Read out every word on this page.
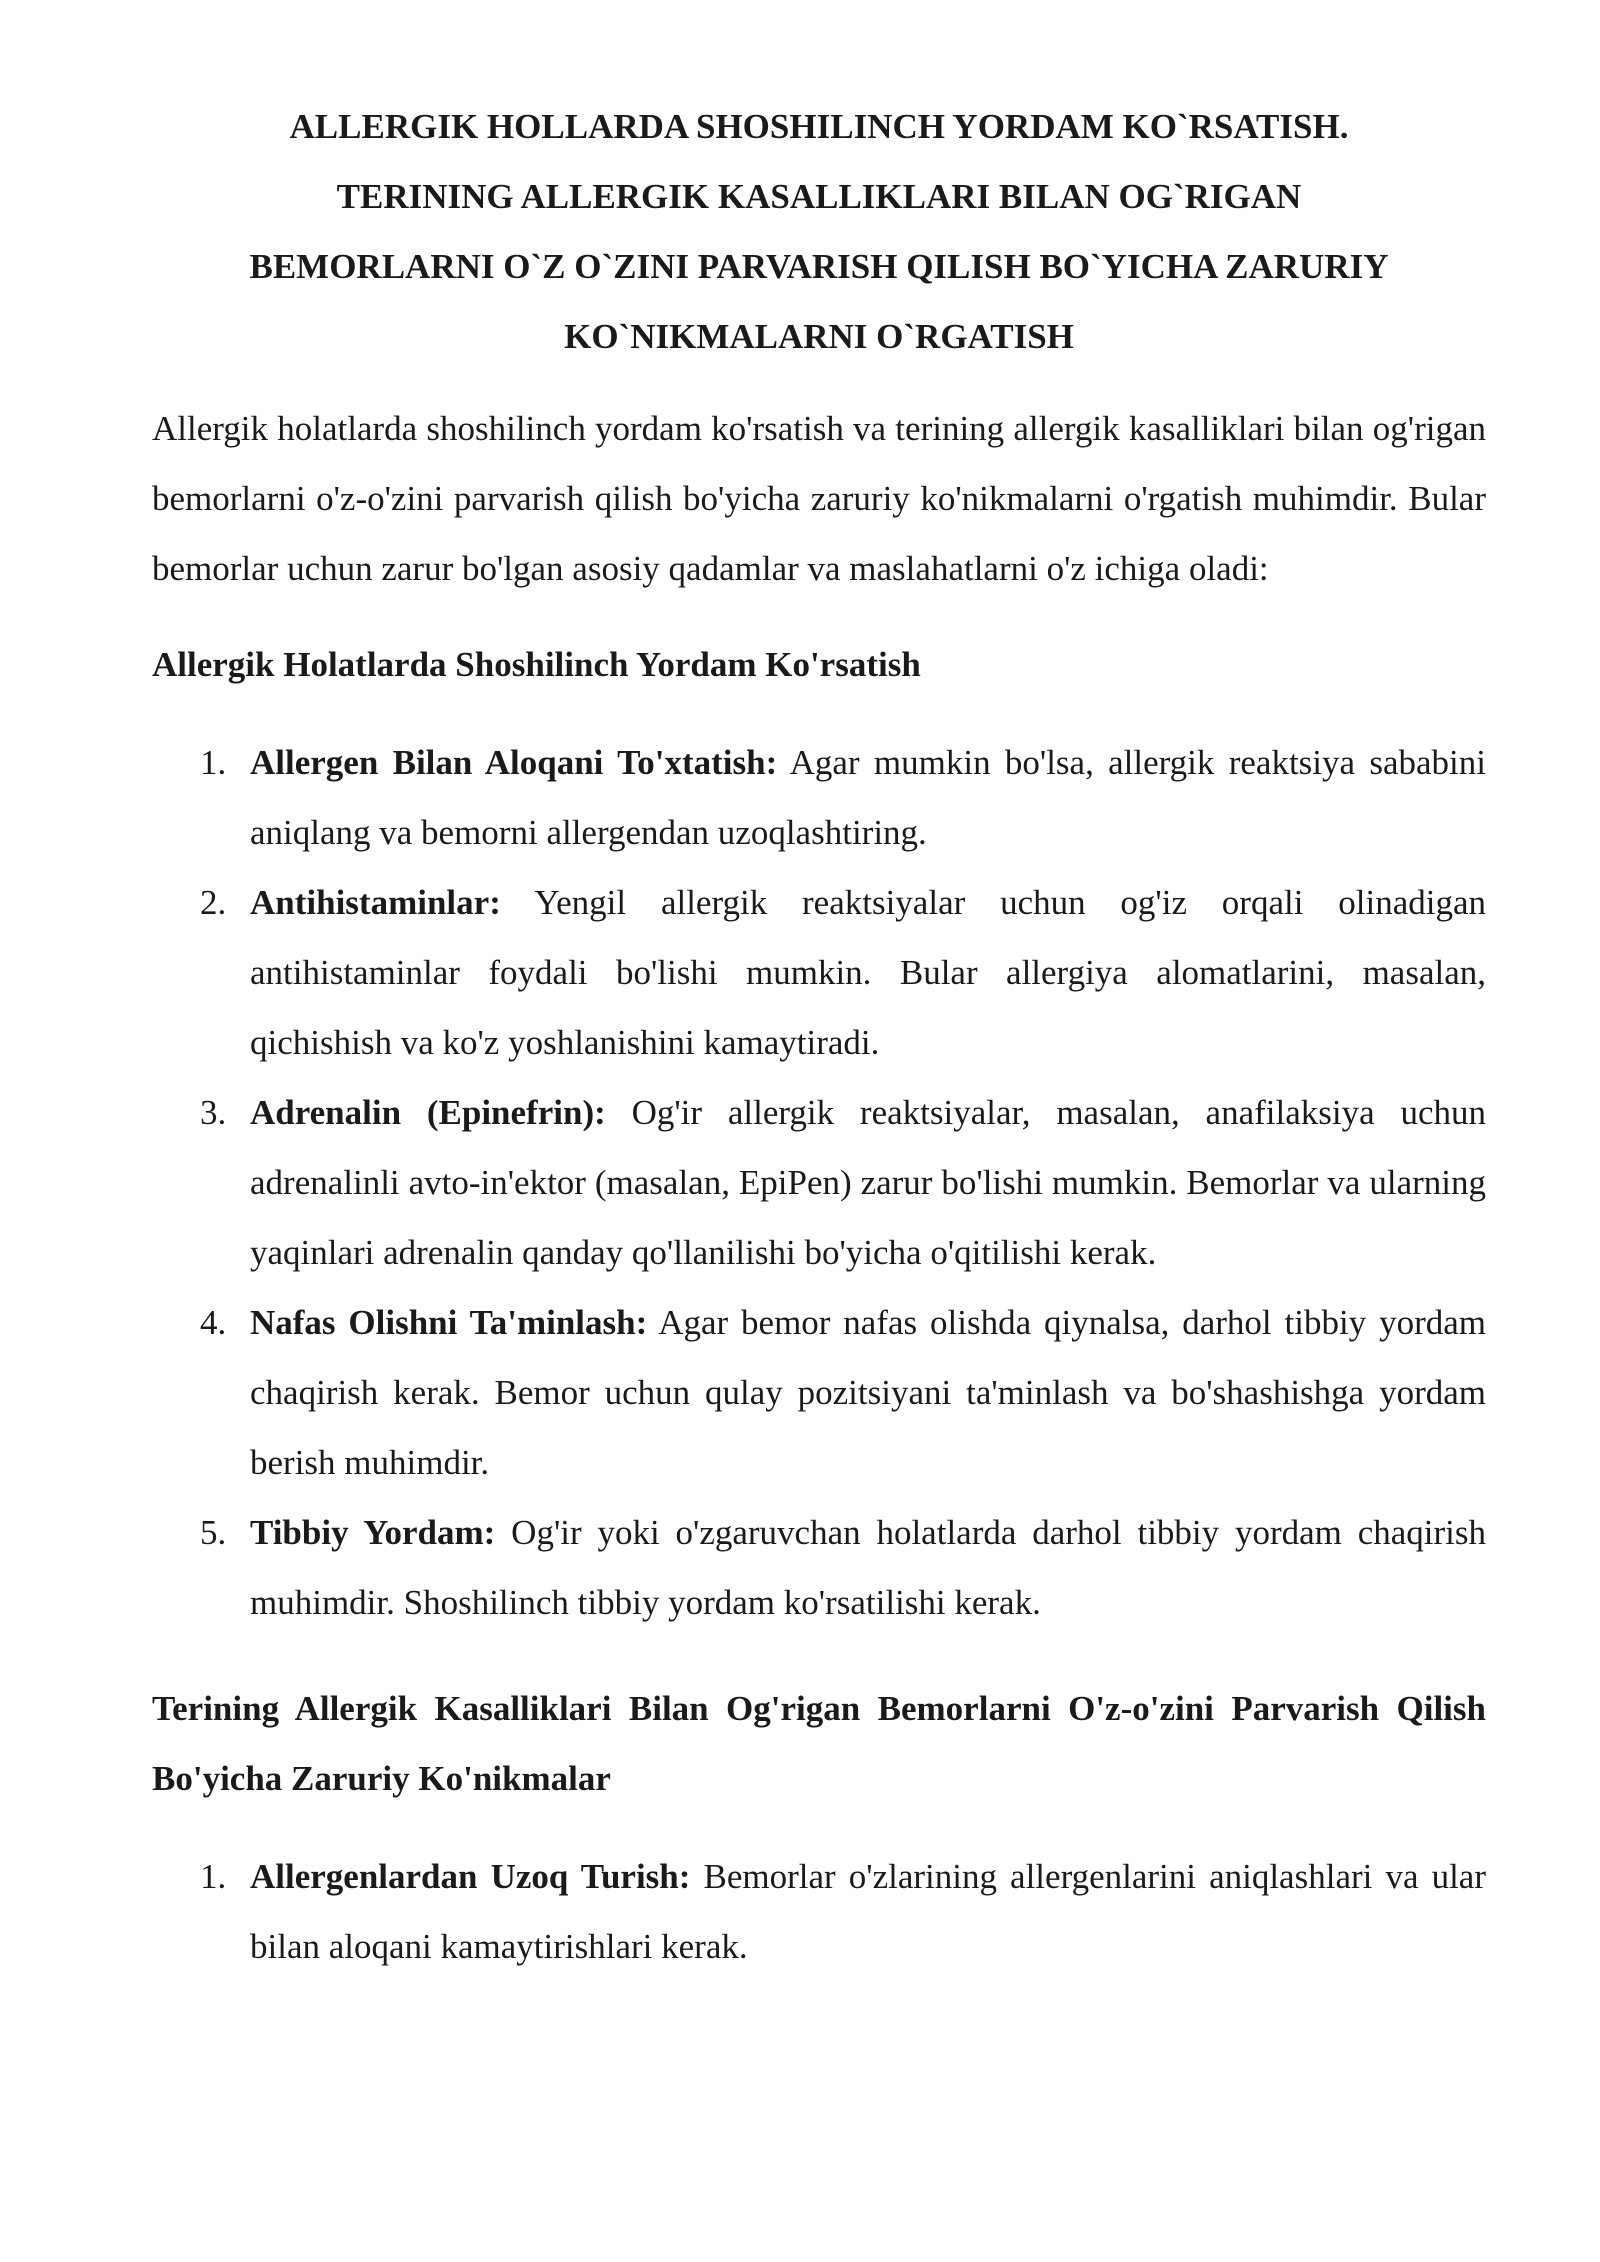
ALLERGIK HOLLARDA SHOSHILINCH YORDAM KO`RSATISH.
TERINING ALLERGIK KASALLIKLARI BILAN OG`RIGAN
BEMORLARNI O`Z O`ZINI PARVARISH QILISH BO`YICHA ZARURIY
KO`NIKMALARNI O`RGATISH

Allergik holatlarda shoshilinch yordam ko'rsatish va terining allergik kasalliklari bilan og'rigan bemorlarni o'z-o'zini parvarish qilish bo'yicha zaruriy ko'nikmalarni o'rgatish muhimdir. Bular bemorlar uchun zarur bo'lgan asosiy qadamlar va maslahatlarni o'z ichiga oladi:

Allergik Holatlarda Shoshilinch Yordam Ko'rsatish
1. Allergen Bilan Aloqani To'xtatish: Agar mumkin bo'lsa, allergik reaktsiya sababini aniqlang va bemorni allergendan uzoqlashtiring.
2. Antihistaminlar: Yengil allergik reaktsiyalar uchun og'iz orqali olinadigan antihistaminlar foydali bo'lishi mumkin. Bular allergiya alomatlarini, masalan, qichishish va ko'z yoshlanishini kamaytiradi.
3. Adrenalin (Epinefrin): Og'ir allergik reaktsiyalar, masalan, anafilaksiya uchun adrenalinli avto-in'ektor (masalan, EpiPen) zarur bo'lishi mumkin. Bemorlar va ularning yaqinlari adrenalin qanday qo'llanilishi bo'yicha o'qitilishi kerak.
4. Nafas Olishni Ta'minlash: Agar bemor nafas olishda qiynalsa, darhol tibbiy yordam chaqirish kerak. Bemor uchun qulay pozitsiyani ta'minlash va bo'shashishga yordam berish muhimdir.
5. Tibbiy Yordam: Og'ir yoki o'zgaruvchan holatlarda darhol tibbiy yordam chaqirish muhimdir. Shoshilinch tibbiy yordam ko'rsatilishi kerak.
Terining Allergik Kasalliklari Bilan Og'rigan Bemorlarni O'z-o'zini Parvarish Qilish Bo'yicha Zaruriy Ko'nikmalar
1. Allergenlardan Uzoq Turish: Bemorlar o'zlarining allergenlarini aniqlashlari va ular bilan aloqani kamaytirishlari kerak.
